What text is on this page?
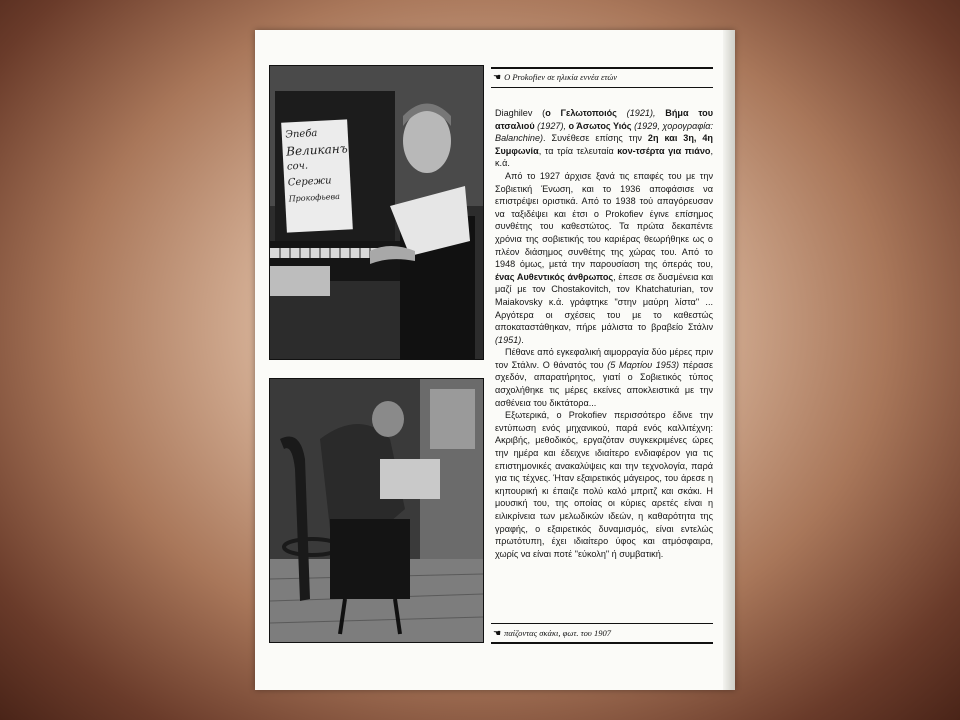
Эпеба
Великанъ
соч.
Сережи
Прокофьева
☚ O Prokofiev σε ηλικία εννέα ετών

Diaghilev (ο Γελωτοποιός (1921), Βήμα του ατσαλιού (1927), ο Άσωτος Υιός (1929, χορογραφία: Balanchine). Συνέθεσε επίσης την 2η και 3η, 4η Συμφωνία, τα τρία τελευταία κον-τσέρτα για πιάνο, κ.ά.

Από το 1927 άρχισε ξανά τις επαφές του με την Σοβιετική Ένωση, και το 1936 αποφάσισε να επιστρέψει οριστικά. Από το 1938 τού απαγόρευσαν να ταξιδέψει και έτσι ο Prokofiev έγινε επίσημος συνθέτης του καθεστώτος. Τα πρώτα δεκαπέντε χρόνια της σοβιετικής του καριέρας θεωρήθηκε ως ο πλέον διάσημος συνθέτης της χώρας του. Από το 1948 όμως, μετά την παρουσίαση της όπεράς του, ένας Αυθεντικός άνθρωπος, έπεσε σε δυσμένεια και μαζί με τον Chostakovitch, τον Khatchaturian, τον Maiakovsky κ.ά. γράφτηκε "στην μαύρη λίστα" ... Αργότερα οι σχέσεις του με το καθεστώς αποκαταστάθηκαν, πήρε μάλιστα το βραβείο Στάλιν (1951).

Πέθανε από εγκεφαλική αιμορραγία δύο μέρες πριν τον Στάλιν. Ο θάνατός του (5 Μαρτίου 1953) πέρασε σχεδόν, απαρατήρητος, γιατί ο Σοβιετικός τύπος ασχολήθηκε τις μέρες εκείνες αποκλειστικά με την ασθένεια του δικτάτορα...

Εξωτερικά, ο Prokofiev περισσότερο έδινε την εντύπωση ενός μηχανικού, παρά ενός καλλιτέχνη: Ακριβής, μεθοδικός, εργαζόταν συγκεκριμένες ώρες την ημέρα και έδειχνε ιδιαίτερο ενδιαφέρον για τις επιστημονικές ανακαλύψεις και την τεχνολογία, παρά για τις τέχνες. Ήταν εξαιρετικός μάγειρος, του άρεσε η κηπουρική κι έπαιζε πολύ καλό μπριτζ και σκάκι. Η μουσική του, της οποίας οι κύριες αρετές είναι η ειλικρίνεια των μελωδικών ιδεών, η καθαρότητα της γραφής, ο εξαιρετικός δυναμισμός, είναι εντελώς πρωτότυπη, έχει ιδιαίτερο ύφος και ατμόσφαιρα, χωρίς να είναι ποτέ "εύκολη" ή συμβατική.

☚ παίζοντας σκάκι, φωτ. του 1907
